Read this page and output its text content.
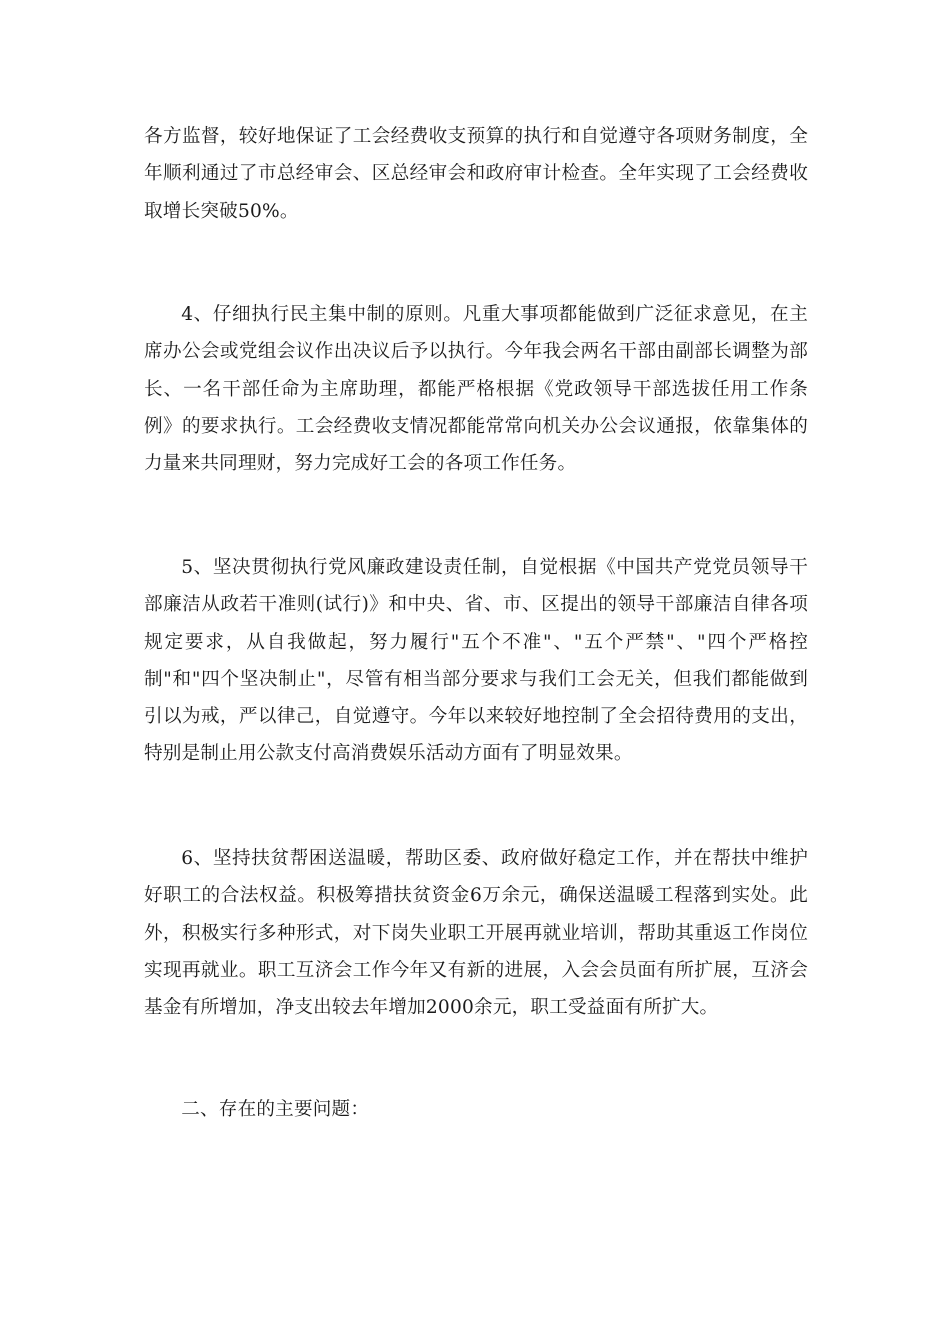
各方监督，较好地保证了工会经费收支预算的执行和自觉遵守各项财务制度，全年顺利通过了市总经审会、区总经审会和政府审计检查。全年实现了工会经费收取增长突破50%。

4、仔细执行民主集中制的原则。凡重大事项都能做到广泛征求意见，在主席办公会或党组会议作出决议后予以执行。今年我会两名干部由副部长调整为部长、一名干部任命为主席助理，都能严格根据《党政领导干部选拔任用工作条例》的要求执行。工会经费收支情况都能常常向机关办公会议通报，依靠集体的力量来共同理财，努力完成好工会的各项工作任务。

5、坚决贯彻执行党风廉政建设责任制，自觉根据《中国共产党党员领导干部廉洁从政若干准则(试行)》和中央、省、市、区提出的领导干部廉洁自律各项规定要求，从自我做起，努力履行"五个不准"、"五个严禁"、"四个严格控制"和"四个坚决制止"，尽管有相当部分要求与我们工会无关，但我们都能做到引以为戒，严以律己，自觉遵守。今年以来较好地控制了全会招待费用的支出，特别是制止用公款支付高消费娱乐活动方面有了明显效果。

6、坚持扶贫帮困送温暖，帮助区委、政府做好稳定工作，并在帮扶中维护好职工的合法权益。积极筹措扶贫资金6万余元，确保送温暖工程落到实处。此外，积极实行多种形式，对下岗失业职工开展再就业培训，帮助其重返工作岗位实现再就业。职工互济会工作今年又有新的进展，入会会员面有所扩展，互济会基金有所增加，净支出较去年增加2000余元，职工受益面有所扩大。

二、存在的主要问题：
